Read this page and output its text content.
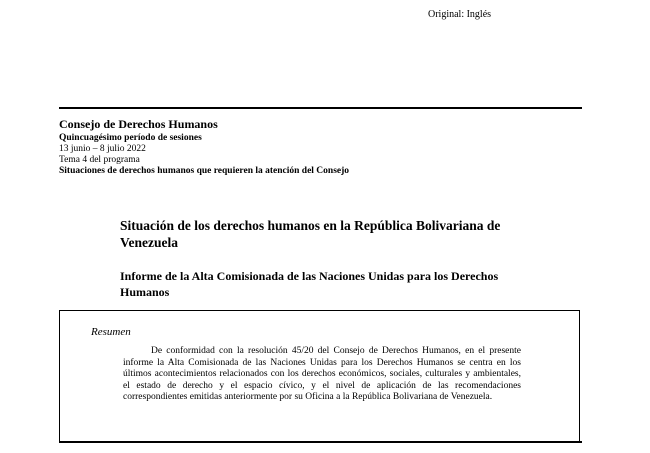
Original: Inglés
Consejo de Derechos Humanos
Quincuagésimo período de sesiones
13 junio – 8 julio 2022
Tema 4 del programa
Situaciones de derechos humanos que requieren la atención del Consejo
Situación de los derechos humanos en la República Bolivariana de Venezuela
Informe de la Alta Comisionada de las Naciones Unidas para los Derechos Humanos
Resumen

De conformidad con la resolución 45/20 del Consejo de Derechos Humanos, en el presente informe la Alta Comisionada de las Naciones Unidas para los Derechos Humanos se centra en los últimos acontecimientos relacionados con los derechos económicos, sociales, culturales y ambientales, el estado de derecho y el espacio cívico, y el nivel de aplicación de las recomendaciones correspondientes emitidas anteriormente por su Oficina a la República Bolivariana de Venezuela.
